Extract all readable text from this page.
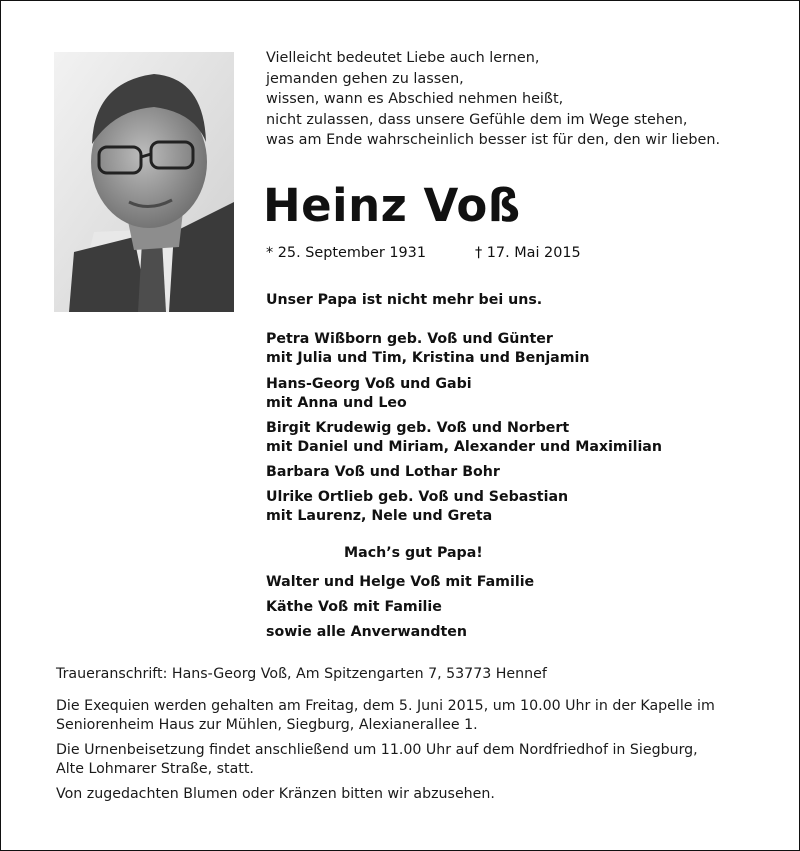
Vielleicht bedeutet Liebe auch lernen,
jemanden gehen zu lassen,
wissen, wann es Abschied nehmen heißt,
nicht zulassen, dass unsere Gefühle dem im Wege stehen,
was am Ende wahrscheinlich besser ist für den, den wir lieben.
Heinz Voß
* 25. September 1931	† 17. Mai 2015
Unser Papa ist nicht mehr bei uns.
Petra Wißborn geb. Voß und Günter
mit Julia und Tim, Kristina und Benjamin
Hans-Georg Voß und Gabi
mit Anna und Leo
Birgit Krudewig geb. Voß und Norbert
mit Daniel und Miriam, Alexander und Maximilian
Barbara Voß und Lothar Bohr
Ulrike Ortlieb geb. Voß und Sebastian
mit Laurenz, Nele und Greta
Mach’s gut Papa!
Walter und Helge Voß mit Familie
Käthe Voß mit Familie
sowie alle Anverwandten
Traueranschrift: Hans-Georg Voß, Am Spitzengarten 7, 53773 Hennef
Die Exequien werden gehalten am Freitag, dem 5. Juni 2015, um 10.00 Uhr in der Kapelle im
Seniorenheim Haus zur Mühlen, Siegburg, Alexianerallee 1.
Die Urnenbeisetzung findet anschließend um 11.00 Uhr auf dem Nordfriedhof in Siegburg,
Alte Lohmarer Straße, statt.
Von zugedachten Blumen oder Kränzen bitten wir abzusehen.
